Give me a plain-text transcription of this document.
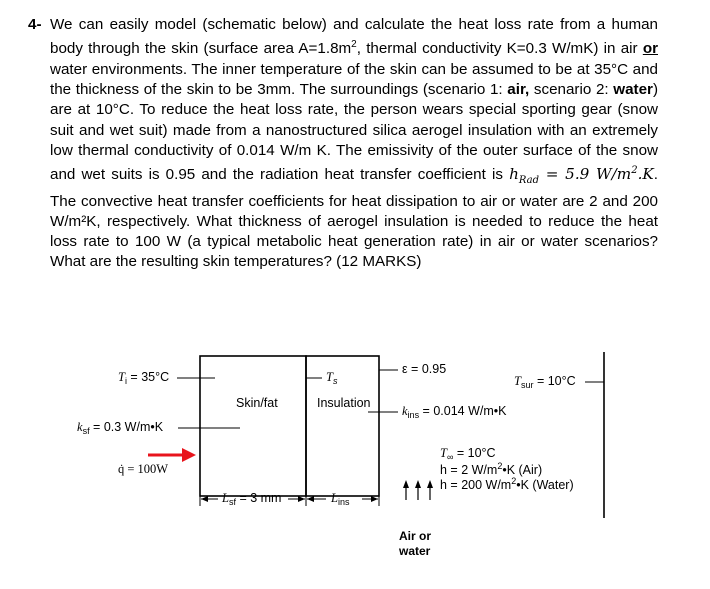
4- We can easily model (schematic below) and calculate the heat loss rate from a human body through the skin (surface area $A=1.8m^2$, thermal conductivity K=0.3 W/mK) in air or water environments. The inner temperature of the skin can be assumed to be at 35°C and the thickness of the skin to be 3mm. The surroundings (scenario 1: air, scenario 2: water) are at 10°C. To reduce the heat loss rate, the person wears special sporting gear (snow suit and wet suit) made from a nanostructured silica aerogel insulation with an extremely low thermal conductivity of 0.014 W/m K. The emissivity of the outer surface of the snow and wet suits is 0.95 and the radiation heat transfer coefficient is $h_{Rad} = 5.9$ $W/m^2.K$. The convective heat transfer coefficients for heat dissipation to air or water are 2 and 200 W/m²K, respectively. What thickness of aerogel insulation is needed to reduce the heat loss rate to 100 W (a typical metabolic heat generation rate) in air or water scenarios? What are the resulting skin temperatures? (12 MARKS)
$T_i = 35^\circ C$
$k_{sf} = 0.3$ W/m•K
q̇ = 100W
Skin/fat
$T_s$
Insulation
ε = 0.95
$T_{sur} = 10^\circ C$
$k_{ins} = 0.014$ W/m•K
$T_\infty = 10^\circ C$
h = 2 $W/m^2•K$ (Air)
h = 200 $W/m^2•K$ (Water)
$L_{sf} = 3$ mm	$L_{ins}$
Air or
water
